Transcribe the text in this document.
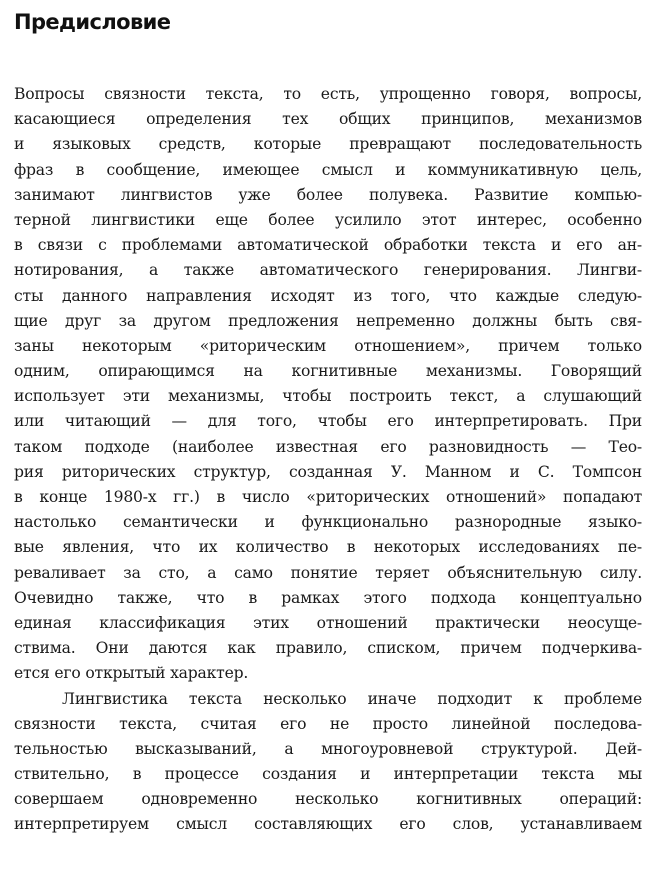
Предисловие
Вопросы связности текста, то есть, упрощенно говоря, вопросы,
касающиеся определения тех общих принципов, механизмов
и языковых средств, которые превращают последовательность
фраз в сообщение, имеющее смысл и коммуникативную цель,
занимают лингвистов уже более полувека. Развитие компью-
терной лингвистики еще более усилило этот интерес, особенно
в связи с проблемами автоматической обработки текста и его ан-
нотирования, а также автоматического генерирования. Лингви-
сты данного направления исходят из того, что каждые следую-
щие друг за другом предложения непременно должны быть свя-
заны некоторым «риторическим отношением», причем только
одним, опирающимся на когнитивные механизмы. Говорящий
использует эти механизмы, чтобы построить текст, а слушающий
или читающий — для того, чтобы его интерпретировать. При
таком подходе (наиболее известная его разновидность — Тео-
рия риторических структур, созданная У. Манном и С. Томпсон
в конце 1980-х гг.) в число «риторических отношений» попадают
настолько семантически и функционально разнородные языко-
вые явления, что их количество в некоторых исследованиях пе-
реваливает за сто, а само понятие теряет объяснительную силу.
Очевидно также, что в рамках этого подхода концептуально
единая классификация этих отношений практически неосуще-
ствима. Они даются как правило, списком, причем подчеркива-
ется его открытый характер.
Лингвистика текста несколько иначе подходит к проблеме
связности текста, считая его не просто линейной последова-
тельностью высказываний, а многоуровневой структурой. Дей-
ствительно, в процессе создания и интерпретации текста мы
совершаем одновременно несколько когнитивных операций:
интерпретируем смысл составляющих его слов, устанавливаем
